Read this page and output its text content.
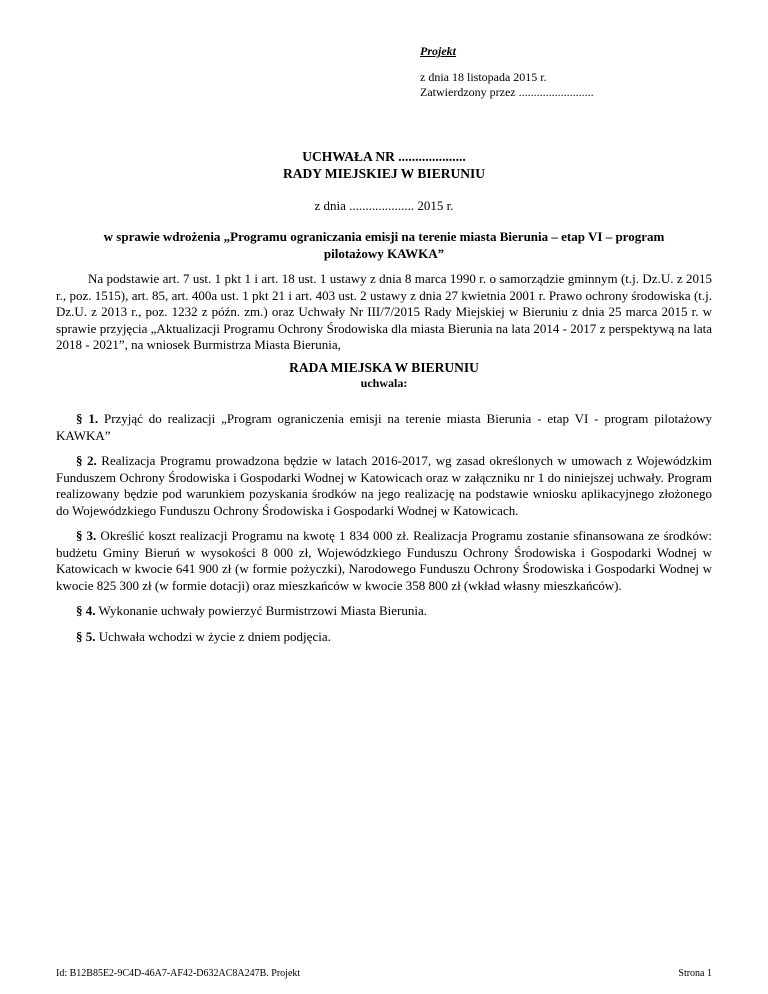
Projekt
z dnia 18 listopada 2015 r.
Zatwierdzony przez .........................
UCHWAŁA NR ....................
RADY MIEJSKIEJ W BIERUNIU
z dnia .................... 2015 r.
w sprawie wdrożenia „Programu ograniczania emisji na terenie miasta Bierunia – etap VI – program
pilotażowy KAWKA”
Na podstawie art. 7 ust. 1 pkt 1 i art. 18 ust. 1 ustawy z dnia 8 marca 1990 r. o samorządzie gminnym (t.j. Dz.U. z 2015 r., poz. 1515), art. 85, art. 400a ust. 1 pkt 21 i art. 403 ust. 2 ustawy z dnia 27 kwietnia 2001 r. Prawo ochrony środowiska (t.j. Dz.U. z 2013 r., poz. 1232 z późn. zm.) oraz Uchwały Nr III/7/2015 Rady Miejskiej w Bieruniu z dnia 25 marca 2015 r. w sprawie przyjęcia „Aktualizacji Programu Ochrony Środowiska dla miasta Bierunia na lata 2014 - 2017 z perspektywą na lata 2018 - 2021”, na wniosek Burmistrza Miasta Bierunia,
RADA MIEJSKA W BIERUNIU
uchwala:

§ 1. Przyjąć do realizacji „Program ograniczenia emisji na terenie miasta Bierunia - etap VI - program pilotażowy KAWKA”

§ 2. Realizacja Programu prowadzona będzie w latach 2016-2017, wg zasad określonych w umowach z Wojewódzkim Funduszem Ochrony Środowiska i Gospodarki Wodnej w Katowicach oraz w załączniku nr 1 do niniejszej uchwały. Program realizowany będzie pod warunkiem pozyskania środków na jego realizację na podstawie wniosku aplikacyjnego złożonego do Wojewódzkiego Funduszu Ochrony Środowiska i Gospodarki Wodnej w Katowicach.

§ 3. Określić koszt realizacji Programu na kwotę 1 834 000 zł. Realizacja Programu zostanie sfinansowana ze środków: budżetu Gminy Bieruń w wysokości 8 000 zł, Wojewódzkiego Funduszu Ochrony Środowiska i Gospodarki Wodnej w Katowicach w kwocie 641 900 zł (w formie pożyczki), Narodowego Funduszu Ochrony Środowiska i Gospodarki Wodnej w kwocie 825 300 zł (w formie dotacji) oraz mieszkańców w kwocie 358 800 zł (wkład własny mieszkańców).

§ 4. Wykonanie uchwały powierzyć Burmistrzowi Miasta Bierunia.

§ 5. Uchwała wchodzi w życie z dniem podjęcia.

Id: B12B85E2-9C4D-46A7-AF42-D632AC8A247B. Projekt	Strona 1
